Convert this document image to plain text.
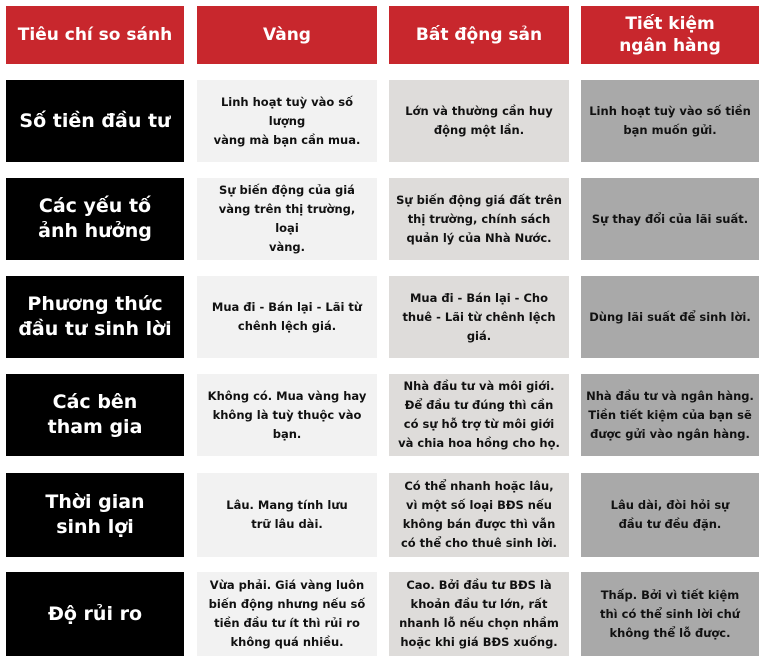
Tiêu chí so sánh	Vàng	Bất động sản
Tiết kiệm
ngân hàng
Số tiền đầu tư
Linh hoạt tuỳ vào số lượng
vàng mà bạn cần mua.
Lớn và thường cần huy
động một lần.
Linh hoạt tuỳ vào số tiền
bạn muốn gửi.
Các yếu tố
ảnh hưởng
Sự biến động của giá
vàng trên thị trường, loại
vàng.
Sự biến động giá đất trên
thị trường, chính sách
quản lý của Nhà Nước.
Sự thay đổi của lãi suất.
Phương thức
đầu tư sinh lời
Mua đi - Bán lại - Lãi từ
chênh lệch giá.
Mua đi - Bán lại - Cho
thuê - Lãi từ chênh lệch
giá.
Dùng lãi suất để sinh lời.
Các bên
tham gia
Không có. Mua vàng hay
không là tuỳ thuộc vào
bạn.
Nhà đầu tư và môi giới.
Để đầu tư đúng thì cần
có sự hỗ trợ từ môi giới
và chia hoa hồng cho họ.
Nhà đầu tư và ngân hàng.
Tiền tiết kiệm của bạn sẽ
được gửi vào ngân hàng.
Thời gian
sinh lợi
Lâu. Mang tính lưu
trữ lâu dài.
Có thể nhanh hoặc lâu,
vì một số loại BĐS nếu
không bán được thì vẫn
có thể cho thuê sinh lời.
Lâu dài, đòi hỏi sự
đầu tư đều đặn.
Độ rủi ro
Vừa phải. Giá vàng luôn
biến động nhưng nếu số
tiền đầu tư ít thì rủi ro
không quá nhiều.
Cao. Bởi đầu tư BĐS là
khoản đầu tư lớn, rất
nhanh lỗ nếu chọn nhầm
hoặc khi giá BĐS xuống.
Thấp. Bởi vì tiết kiệm
thì có thể sinh lời chứ
không thể lỗ được.
